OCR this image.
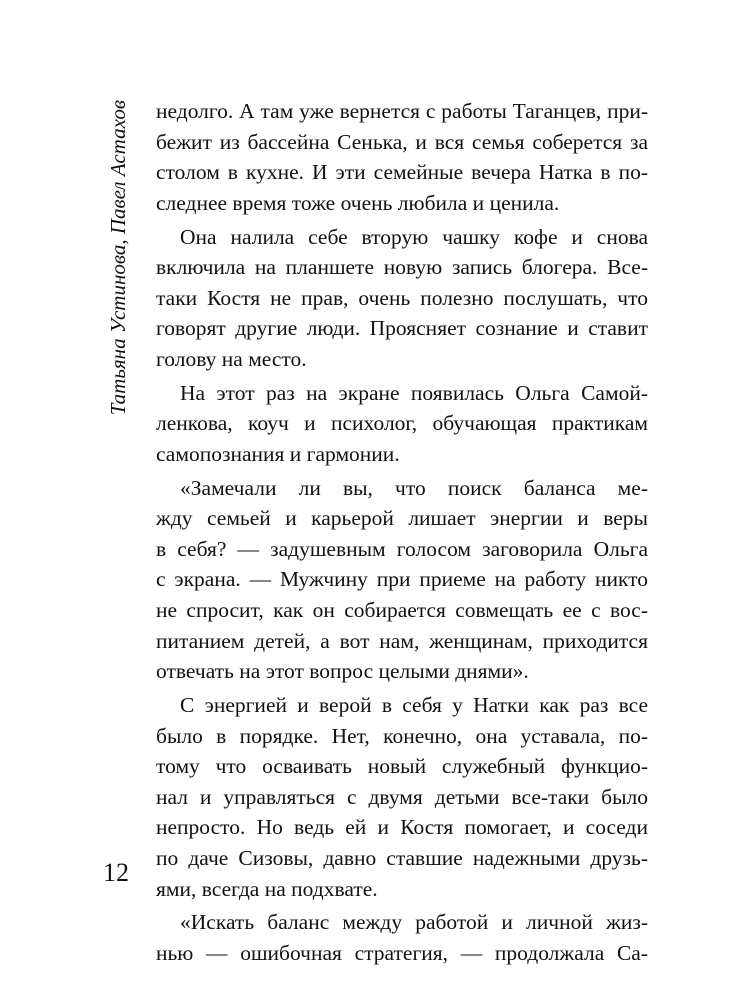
Татьяна Устинова, Павел Астахов
12
недолго. А там уже вернется с работы Таганцев, при-
бежит из бассейна Сенька, и вся семья соберется за
столом в кухне. И эти семейные вечера Натка в по-
следнее время тоже очень любила и ценила.
Она налила себе вторую чашку кофе и снова
включила на планшете новую запись блогера. Все-
таки Костя не прав, очень полезно послушать, что
говорят другие люди. Проясняет сознание и ставит
голову на место.
На этот раз на экране появилась Ольга Самой-
ленкова, коуч и психолог, обучающая практикам
самопознания и гармонии.
«Замечали ли вы, что поиск баланса ме-
жду семьей и карьерой лишает энергии и веры
в себя? — задушевным голосом заговорила Ольга
с экрана. — Мужчину при приеме на работу никто
не спросит, как он собирается совмещать ее с вос-
питанием детей, а вот нам, женщинам, приходится
отвечать на этот вопрос целыми днями».
С энергией и верой в себя у Натки как раз все
было в порядке. Нет, конечно, она уставала, по-
тому что осваивать новый служебный функцио-
нал и управляться с двумя детьми все-таки было
непросто. Но ведь ей и Костя помогает, и соседи
по даче Сизовы, давно ставшие надежными друзь-
ями, всегда на подхвате.
«Искать баланс между работой и личной жиз-
нью — ошибочная стратегия, — продолжала Са-
